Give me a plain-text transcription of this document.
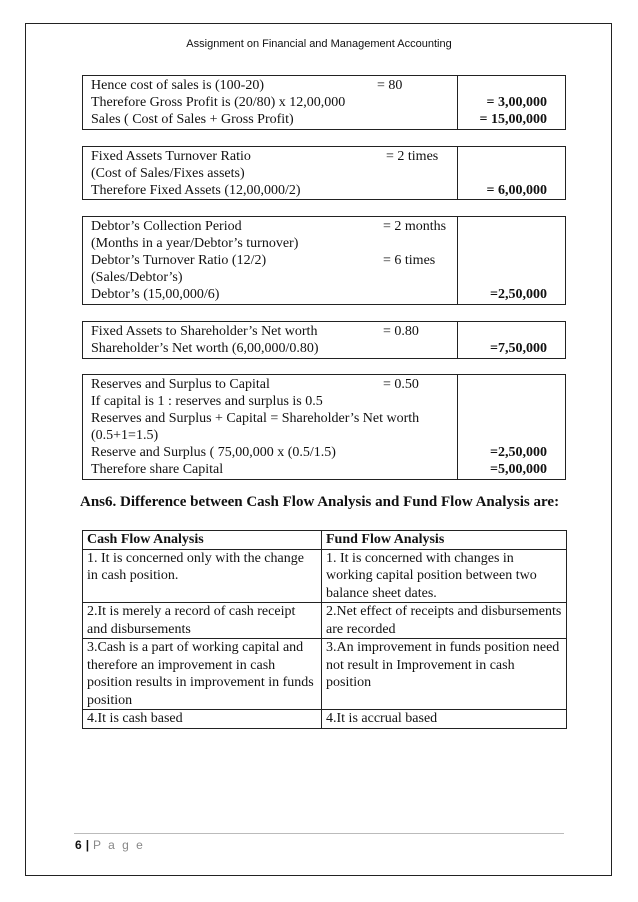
Assignment on Financial and Management Accounting
Hence cost of sales is (100-20)	= 80
Therefore Gross Profit is (20/80) x 12,00,000	= 3,00,000
Sales ( Cost of Sales + Gross Profit)	= 15,00,000
Fixed Assets Turnover Ratio	= 2 times
(Cost of Sales/Fixes assets)
Therefore Fixed Assets (12,00,000/2)	= 6,00,000
Debtor’s Collection Period	= 2 months
(Months in a year/Debtor’s turnover)
Debtor’s Turnover Ratio (12/2)	= 6 times
(Sales/Debtor’s)
Debtor’s (15,00,000/6)	=2,50,000
Fixed Assets to Shareholder’s Net worth	= 0.80
Shareholder’s Net worth (6,00,000/0.80)	=7,50,000
Reserves and Surplus to Capital	= 0.50
If capital is 1 : reserves and surplus is 0.5
Reserves and Surplus + Capital = Shareholder’s Net worth
(0.5+1=1.5)
Reserve and Surplus ( 75,00,000 x (0.5/1.5)	=2,50,000
Therefore share Capital	=5,00,000
Ans6. Difference between Cash Flow Analysis and Fund Flow Analysis are:
Cash Flow Analysis	Fund Flow Analysis
1. It is concerned only with the change in cash position.	1. It is concerned with changes in working capital position between two balance sheet dates.
2.It is merely a record of cash receipt and disbursements	2.Net effect of receipts and disbursements are recorded
3.Cash is a part of working capital and therefore an improvement in cash position results in improvement in funds position	3.An improvement in funds position need not result in Improvement in cash position
4.It is cash based	4.It is accrual based
6 | P a g e
